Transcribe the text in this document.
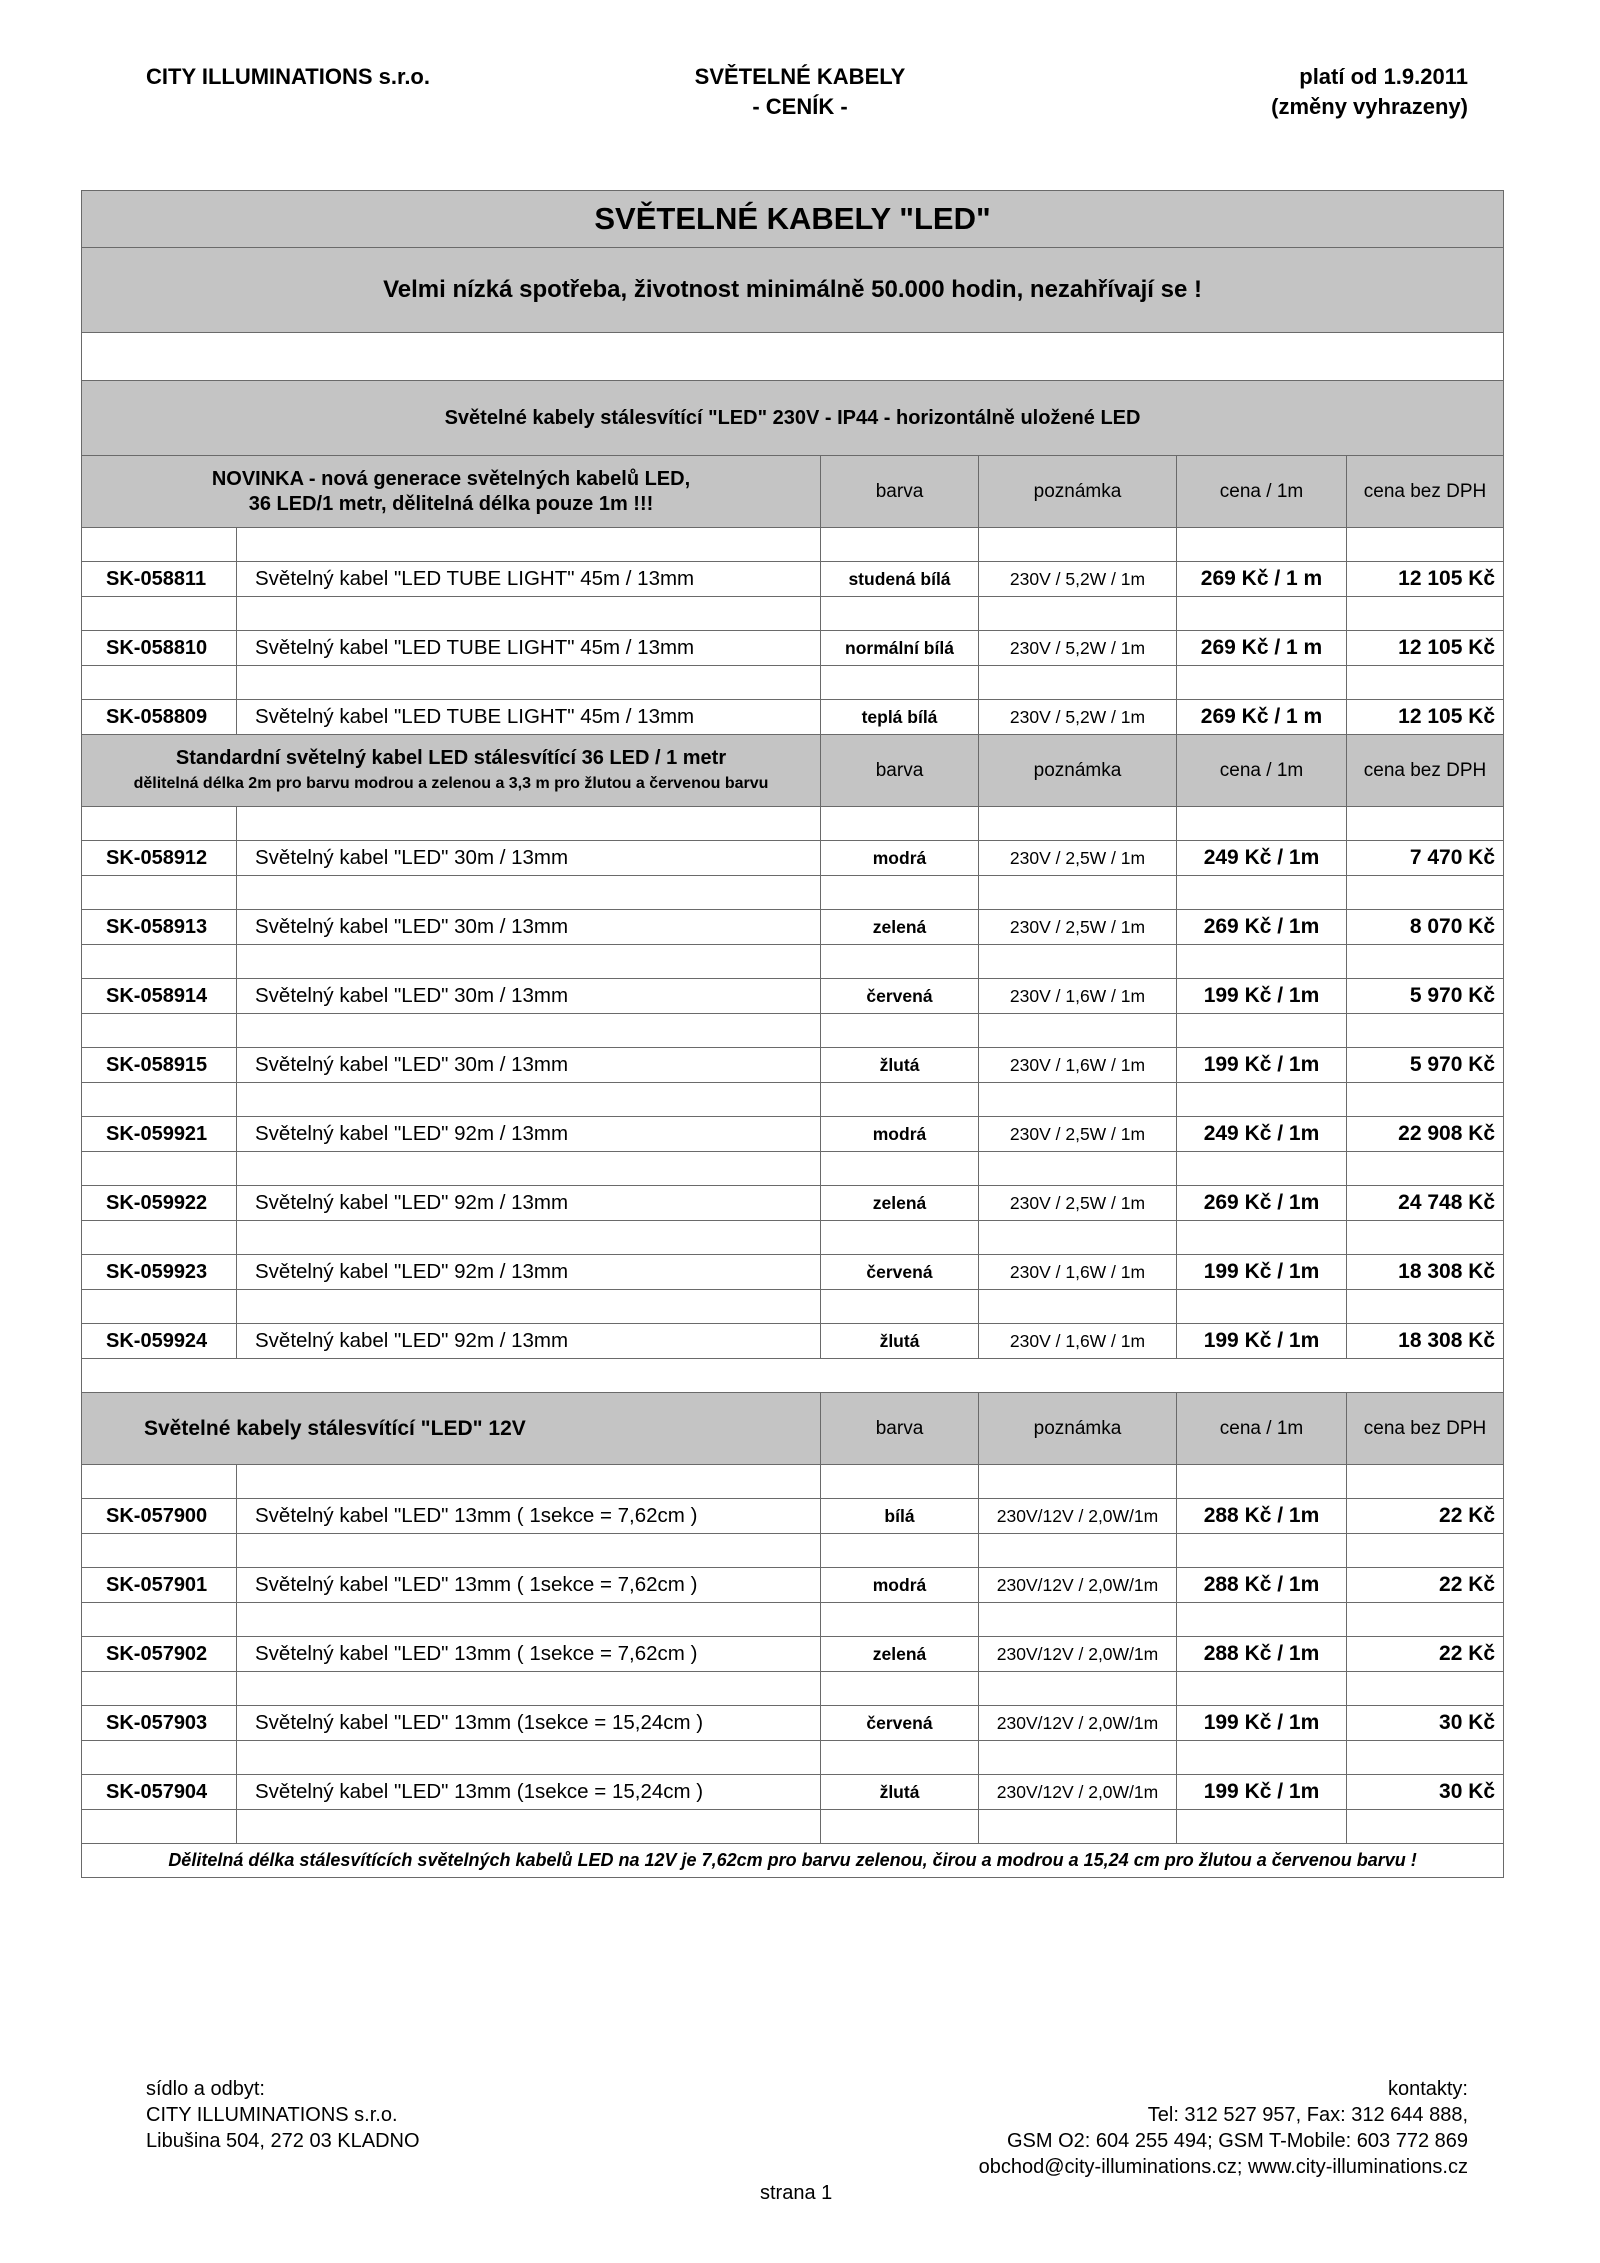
CITY ILLUMINATIONS s.r.o.	SVĚTELNÉ KABELY
- CENÍK -
platí od 1.9.2011
(změny vyhrazeny)
SVĚTELNÉ KABELY "LED"					
Velmi nízká spotřeba, životnost minimálně 50.000 hodin, nezahřívají se !					

Světelné kabely stálesvítící "LED" 230V - IP44 - horizontálně uložené LED					

NOVINKA - nová generace světelných kabelů LED,
36 LED/1 metr, dělitelná délka pouze 1m !!!		barva	poznámka	cena / 1m	cena bez DPH

SK-058811	Světelný kabel "LED TUBE LIGHT" 45m / 13mm	studená bílá	230V / 5,2W / 1m	269 Kč / 1 m	12 105 Kč

SK-058810	Světelný kabel "LED TUBE LIGHT" 45m / 13mm	normální bílá	230V / 5,2W / 1m	269 Kč / 1 m	12 105 Kč

SK-058809	Světelný kabel "LED TUBE LIGHT" 45m / 13mm	teplá bílá	230V / 5,2W / 1m	269 Kč / 1 m	12 105 Kč

Standardní světelný kabel LED stálesvítící 36 LED / 1 metr
dělitelná délka 2m pro barvu modrou a zelenou a 3,3 m pro žlutou a červenou barvu		barva	poznámka	cena / 1m	cena bez DPH

SK-058912	Světelný kabel "LED" 30m / 13mm	modrá	230V / 2,5W / 1m	249 Kč / 1m	7 470 Kč

SK-058913	Světelný kabel "LED" 30m / 13mm	zelená	230V / 2,5W / 1m	269 Kč / 1m	8 070 Kč

SK-058914	Světelný kabel "LED" 30m / 13mm	červená	230V / 1,6W / 1m	199 Kč / 1m	5 970 Kč

SK-058915	Světelný kabel "LED" 30m / 13mm	žlutá	230V / 1,6W / 1m	199 Kč / 1m	5 970 Kč

SK-059921	Světelný kabel "LED" 92m / 13mm	modrá	230V / 2,5W / 1m	249 Kč / 1m	22 908 Kč

SK-059922	Světelný kabel "LED" 92m / 13mm	zelená	230V / 2,5W / 1m	269 Kč / 1m	24 748 Kč

SK-059923	Světelný kabel "LED" 92m / 13mm	červená	230V / 1,6W / 1m	199 Kč / 1m	18 308 Kč

SK-059924	Světelný kabel "LED" 92m / 13mm	žlutá	230V / 1,6W / 1m	199 Kč / 1m	18 308 Kč

Světelné kabely stálesvítící "LED" 12V		barva	poznámka	cena / 1m	cena bez DPH

SK-057900	Světelný kabel "LED" 13mm ( 1sekce = 7,62cm )	bílá	230V/12V / 2,0W/1m	288 Kč / 1m	22 Kč

SK-057901	Světelný kabel "LED" 13mm ( 1sekce = 7,62cm )	modrá	230V/12V / 2,0W/1m	288 Kč / 1m	22 Kč

SK-057902	Světelný kabel "LED" 13mm ( 1sekce = 7,62cm )	zelená	230V/12V / 2,0W/1m	288 Kč / 1m	22 Kč

SK-057903	Světelný kabel "LED" 13mm (1sekce = 15,24cm )	červená	230V/12V / 2,0W/1m	199 Kč / 1m	30 Kč

SK-057904	Světelný kabel "LED" 13mm (1sekce = 15,24cm )	žlutá	230V/12V / 2,0W/1m	199 Kč / 1m	30 Kč

Dělitelná délka stálesvítících světelných kabelů LED na 12V je 7,62cm pro barvu zelenou, čirou a modrou a 15,24 cm pro žlutou a červenou barvu !					
sídlo a odbyt:
CITY ILLUMINATIONS s.r.o.
Libušina 504, 272 03 KLADNO
strana 1
kontakty:
Tel: 312 527 957, Fax: 312 644 888,
GSM O2: 604 255 494; GSM T-Mobile: 603 772 869
obchod@city-illuminations.cz; www.city-illuminations.cz
